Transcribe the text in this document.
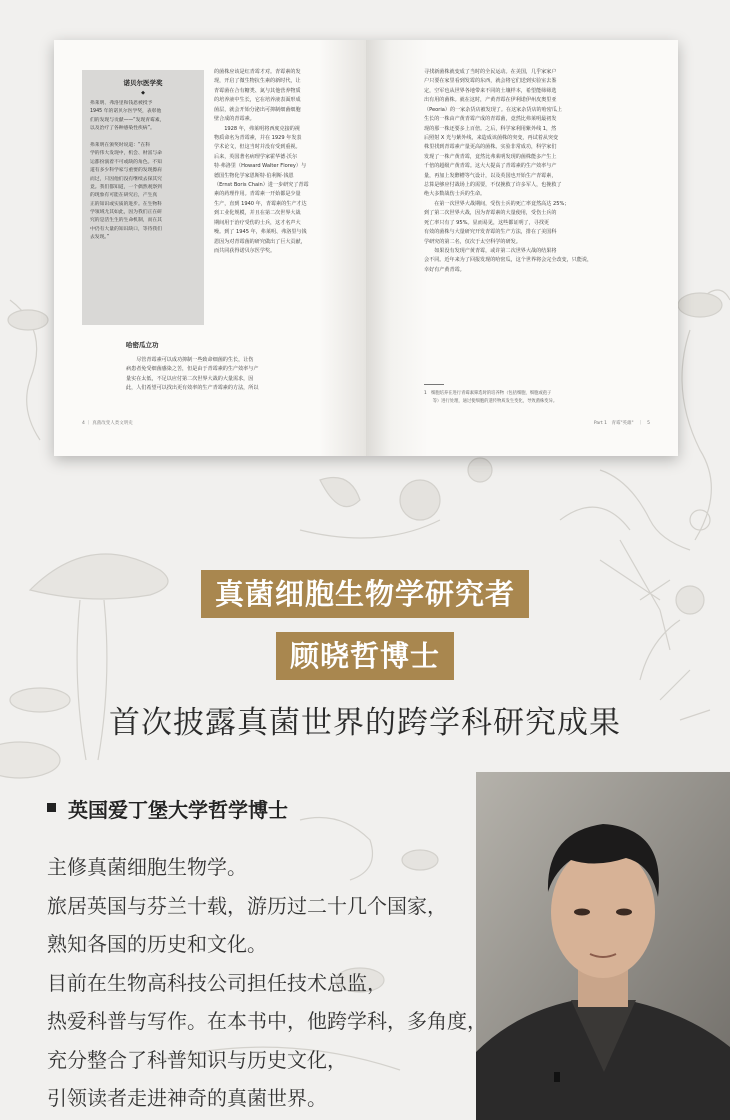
诺贝尔医学奖
◆
弗莱明、弗洛里和钱恩被授予
1945 年的诺贝尔医学奖，表彰他
们的发现与贡献——“发现青霉素，
以及治疗了各种感染性疾病”。

弗莱明在颁奖时说道：“在科
学的伟大发现中，机会、财富与命
运都扮演着不可或缺的角色。不知
道有多少科学家与重要的发现擦肩
而过，只因他们没有继续去探其究
竟。我们都知道，一个偶然观察到
的现象有可能在研究后，产生真
正的知识或实质的进步。在生物科
学领域尤其如此，因为我们正在研
究的是活生生的生命机制，而在其
中仍有大量的知识缺口，等待我们
去发现。”
的菌株应该是红青霉才对。青霉素的发
现，开启了微生物抗生素的新时代，让
青霉菌在合有糖类、氮与其他营养物质
的培养液中生长，它在培养液表面形成
菌层，就会开始分泌出可抑制细菌细胞
壁合成的青霉素。
　　1928 年，弗莱明将西度克接的视
物质命名为青霉素，并在 1929 年发表
学术论文，但这当时并没有受到重视。
后来，英国著名病理学家霍华德·沃尔
特·弗洛里（Howard Walter Florey）与
德国生物化学家恩斯特·伯利斯·钱恩
（Ernst Boris Chain）进一步研究了青霉
素的药理作用。青霉素一开始都是少量
生产，直到 1940 年，青霉素的生产才达
到工业化规模，并且在第二次世界大战
期间用于治疗受伤的士兵，这才名声大
噪。到了 1945 年，弗莱明、弗洛里与钱
恩因为对青霉菌的研究做出了巨大贡献，
而共同获得诺贝尔医学奖。
哈密瓜立功
　　尽管青霉素可以成功抑制一些致命细菌的生长，让伤
病患者免受细菌感染之苦，但是由于青霉素的生产效率与产
量实在太低，不足以应付第二次世界大战的大量需求，因
此，人们希望可以找出更有效率的生产青霉素的方法，所以
4 ｜ 真菌改变人类文明史
寻找新菌株就变成了当时的全民运动。在美国，几乎家家户
户只要在家里看到发霉的东西，就会将它们送到实验室去鉴
定，空军也从世界各地带来不同的土壤样本，希望能筛筛选
出有用的菌株。就在这时，产黄青霉在伊利诺伊州皮奥里亚
（Peoria）的一家杂货店被发现了。在这家杂货店的哈密瓜上
生长的一株由产黄青霉产成的青霉菌，竟然比弗莱明最初发
现的那一株还要多上百倍。之后，科学家利用紫外线 1，然
后照射 X 光与紫外线，来造成该菌株的突变，再试着从突变
株里找到青霉素产量更高的菌株。实验非常成功，科学家们
发现了一株产黄青霉，竟然比弗莱明发现的菌株能多产生上
千倍的超级产黄青霉。这大大提高了青霉素的生产效率与产
量，再加上发酵槽等气设计，以及英国也开始生产青霉素，
总算是够应付战场上的需要，不仅挽救了许多军人，也挽救了
绝大多数战伤士兵的生命。
　　在第一次世界大战期间，受伤士兵的死亡率竟然高达 25%；
到了第二次世界大战，因为青霉素的大量使用，受伤士兵的
死亡率只有了 95%。显而易见，这些都证明了，寻找更
有效的菌株与大量研究开发青霉的生产方法，排在了美国科
学研究的第二名，仅次于太空科学的研发。
　　如果没有发现产黄青霉，或许第二次世界大战的结果将
会不同。近年来为了回报发现的哈密瓜，这个世界将会完全改变，只能说，
幸好有产黄青霉。
1　细胞培养在进行青霉素筛选时的培养物（包括细胞、细胞或孢子
　　等）进行处理，通过使细胞的遗传物质发生变化，导致菌株变异。
Part 1　青霉"英雄"　｜　5
真菌细胞生物学研究者
顾晓哲博士
首次披露真菌世界的跨学科研究成果
英国爱丁堡大学哲学博士
主修真菌细胞生物学。
旅居英国与芬兰十载，游历过二十几个国家，
熟知各国的历史和文化。
目前在生物高科技公司担任技术总监，
热爱科普与写作。在本书中，他跨学科，多角度，
充分整合了科普知识与历史文化，
引领读者走进神奇的真菌世界。
